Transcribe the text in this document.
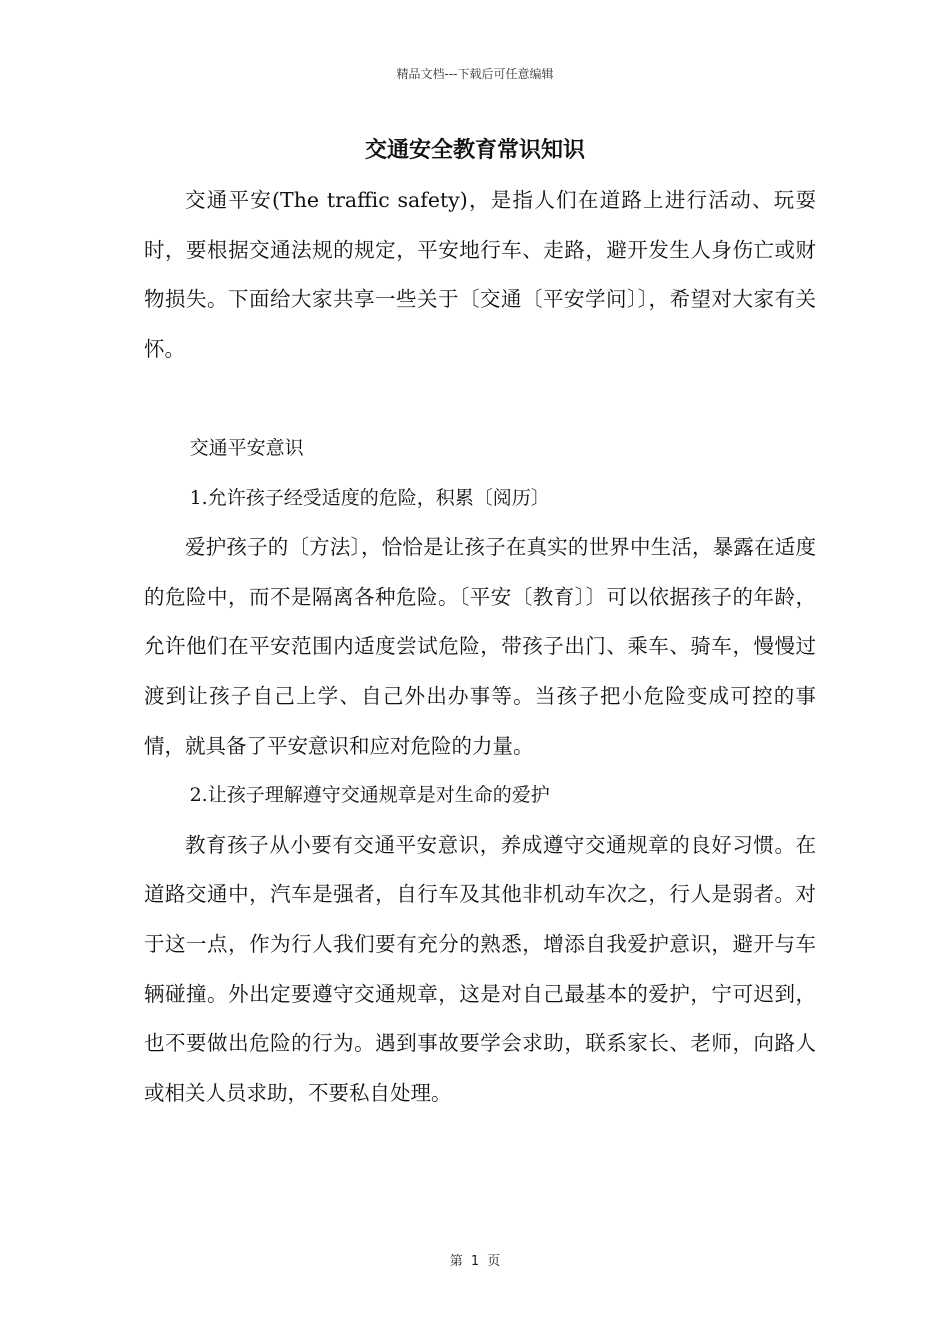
精品文档---下载后可任意编辑
交通安全教育常识知识

交通平安(The traffic safety)，是指人们在道路上进行活动、玩耍时，要根据交通法规的规定，平安地行车、走路，避开发生人身伤亡或财物损失。下面给大家共享一些关于〔交通〔平安学问〕〕，希望对大家有关怀。

交通平安意识

1.允许孩子经受适度的危险，积累〔阅历〕

爱护孩子的〔方法〕，恰恰是让孩子在真实的世界中生活，暴露在适度的危险中，而不是隔离各种危险。〔平安〔教育〕〕可以依据孩子的年龄，允许他们在平安范围内适度尝试危险，带孩子出门、乘车、骑车，慢慢过渡到让孩子自己上学、自己外出办事等。当孩子把小危险变成可控的事情，就具备了平安意识和应对危险的力量。

2.让孩子理解遵守交通规章是对生命的爱护

教育孩子从小要有交通平安意识，养成遵守交通规章的良好习惯。在道路交通中，汽车是强者，自行车及其他非机动车次之，行人是弱者。对于这一点，作为行人我们要有充分的熟悉，增添自我爱护意识，避开与车辆碰撞。外出定要遵守交通规章，这是对自己最基本的爱护，宁可迟到，也不要做出危险的行为。遇到事故要学会求助，联系家长、老师，向路人或相关人员求助，不要私自处理。

第 1 页
